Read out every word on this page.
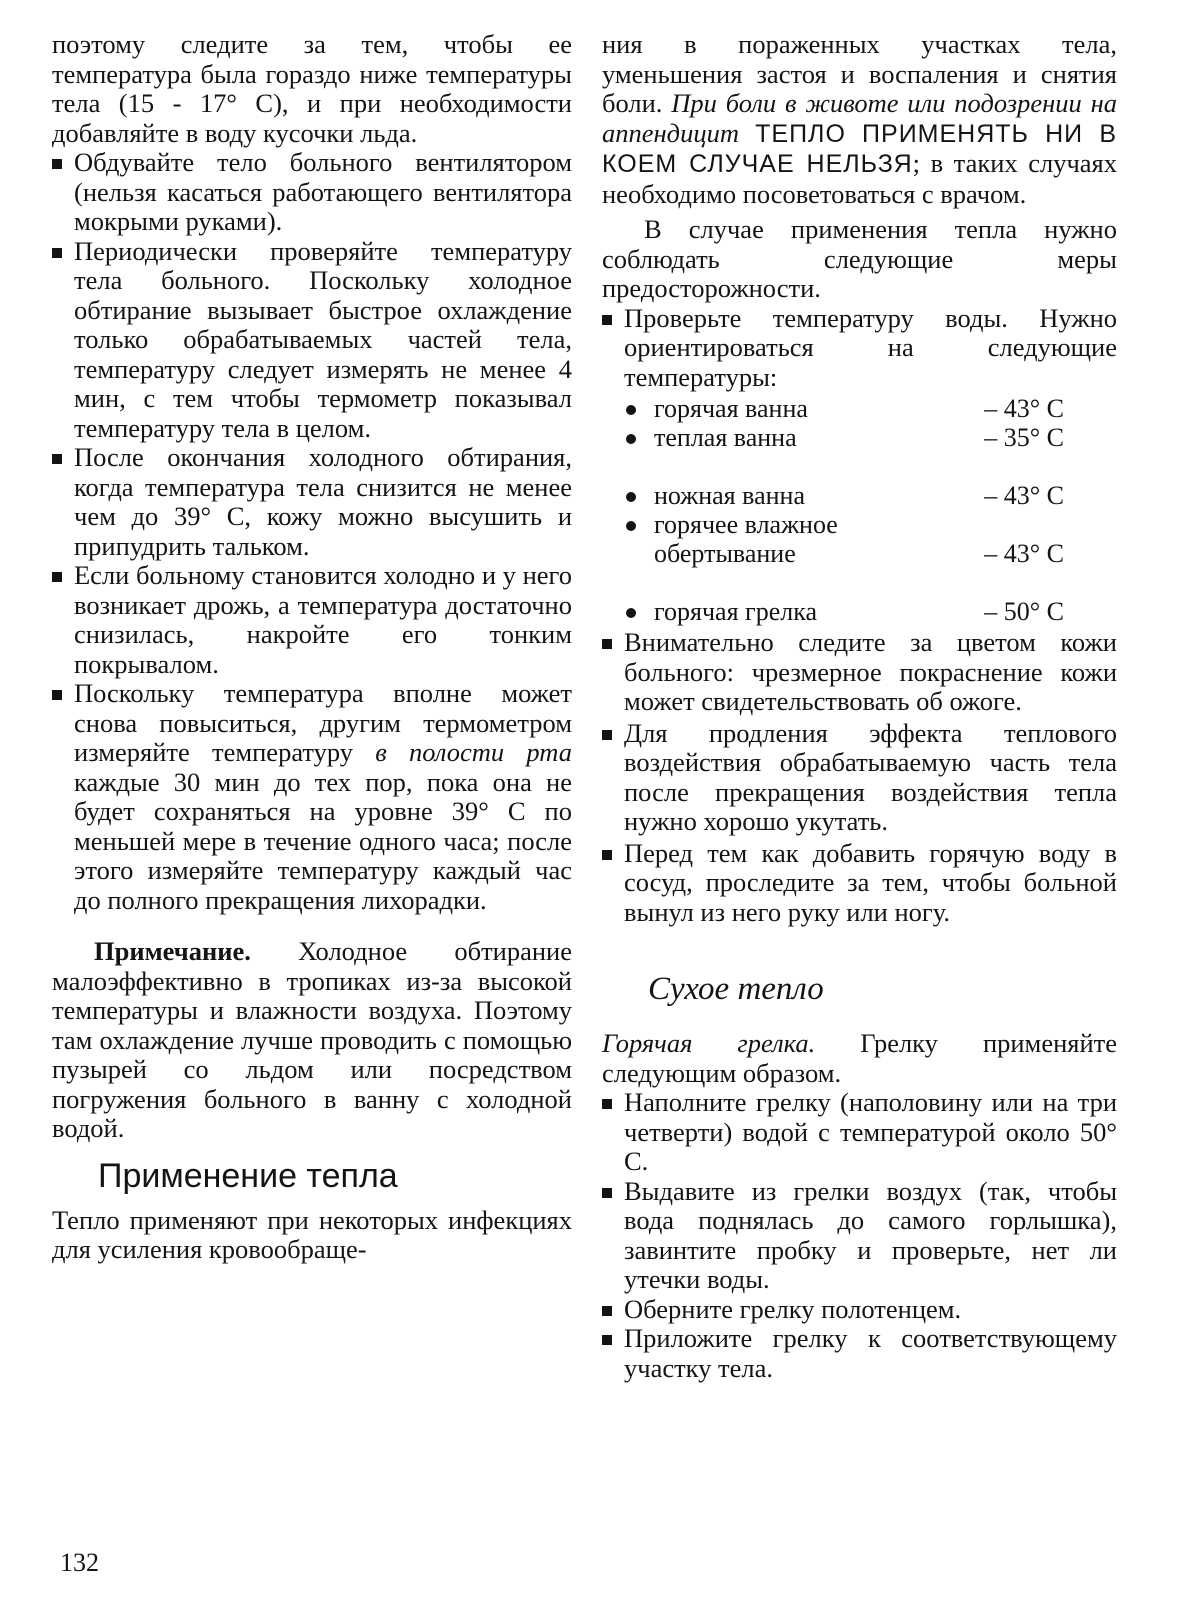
поэтому следите за тем, чтобы ее температура была гораздо ниже температуры тела (15 - 17° С), и при необходимости добавляйте в воду кусочки льда.

Обдувайте тело больного вентилятором (нельзя касаться работающего вентилятора мокрыми руками).
Периодически проверяйте температуру тела больного. Поскольку холодное обтирание вызывает быстрое охлаждение только обрабатываемых частей тела, температуру следует измерять не менее 4 мин, с тем чтобы термометр показывал температуру тела в целом.
После окончания холодного обтирания, когда температура тела снизится не менее чем до 39° С, кожу можно высушить и припудрить тальком.
Если больному становится холодно и у него возникает дрожь, а температура достаточно снизилась, накройте его тонким покрывалом.
Поскольку температура вполне может снова повыситься, другим термометром измеряйте температуру в полости рта каждые 30 мин до тех пор, пока она не будет сохраняться на уровне 39° С по меньшей мере в течение одного часа; после этого измеряйте температуру каждый час до полного прекращения лихорадки.

Примечание. Холодное обтирание малоэффективно в тропиках из-за высокой температуры и влажности воздуха. Поэтому там охлаждение лучше проводить с помощью пузырей со льдом или посредством погружения больного в ванну с холодной водой.

Применение тепла

Тепло применяют при некоторых инфекциях для усиления кровообраще-

ния в пораженных участках тела, уменьшения застоя и воспаления и снятия боли. При боли в животе или подозрении на аппендицит ТЕПЛО ПРИМЕНЯТЬ НИ В КОЕМ СЛУЧАЕ НЕЛЬЗЯ; в таких случаях необходимо посоветоваться с врачом.

В случае применения тепла нужно соблюдать следующие меры предосторожности.

Проверьте температуру воды. Нужно ориентироваться на следующие температуры:
	горячая ванна	– 43° С

	теплая ванна	– 35° С

	ножная ванна	– 43° С

	горячее влажное	
	обертывание	– 43° С

	горячая грелка	– 50° С
Внимательно следите за цветом кожи больного: чрезмерное покраснение кожи может свидетельствовать об ожоге.
Для продления эффекта теплового воздействия обрабатываемую часть тела после прекращения воздействия тепла нужно хорошо укутать.
Перед тем как добавить горячую воду в сосуд, проследите за тем, чтобы больной вынул из него руку или ногу.
Сухое тепло

Горячая грелка. Грелку применяйте следующим образом.

Наполните грелку (наполовину или на три четверти) водой с температурой около 50° С.
Выдавите из грелки воздух (так, чтобы вода поднялась до самого горлышка), завинтите пробку и проверьте, нет ли утечки воды.
Оберните грелку полотенцем.
Приложите грелку к соответствующему участку тела.
132
